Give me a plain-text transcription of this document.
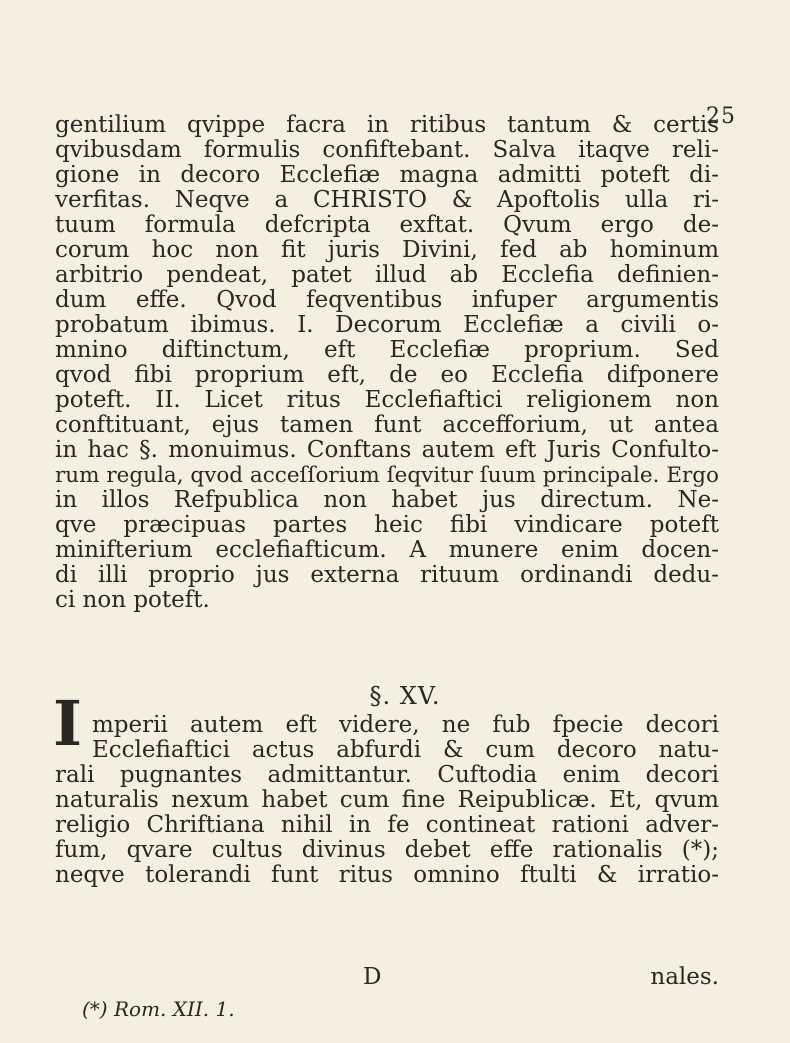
25
gentilium qvippe facra in ritibus tantum & certis
qvibusdam formulis confiftebant. Salva itaqve reli-
gione in decoro Ecclefiæ magna admitti poteft di-
verfitas. Neqve a CHRISTO & Apoftolis ulla ri-
tuum formula defcripta exftat. Qvum ergo de-
corum hoc non fit juris Divini, fed ab hominum
arbitrio pendeat, patet illud ab Ecclefia definien-
dum effe. Qvod feqventibus infuper argumentis
probatum ibimus. I. Decorum Ecclefiæ a civili o-
mnino diftinctum, eft Ecclefiæ proprium. Sed
qvod fibi proprium eft, de eo Ecclefia difponere
poteft. II. Licet ritus Ecclefiaftici religionem non
conftituant, ejus tamen funt accefforium, ut antea
in hac §. monuimus. Conftans autem eft Juris Confulto-
rum regula, qvod acceſſorium ſeqvitur ſuum principale. Ergo
in illos Refpublica non habet jus directum. Ne-
qve præcipuas partes heic fibi vindicare poteft
minifterium ecclefiafticum. A munere enim docen-
di illi proprio jus externa rituum ordinandi dedu-
ci non poteft.
§. XV.
I mperii autem eft videre, ne fub fpecie decori
Ecclefiaftici actus abfurdi & cum decoro natu-
rali pugnantes admittantur. Cuftodia enim decori
naturalis nexum habet cum fine Reipublicæ. Et, qvum
religio Chriftiana nihil in fe contineat rationi adver-
fum, qvare cultus divinus debet effe rationalis (*);
neqve tolerandi funt ritus omnino ftulti & irratio-
D	nales.
(*) Rom. XII. 1.
